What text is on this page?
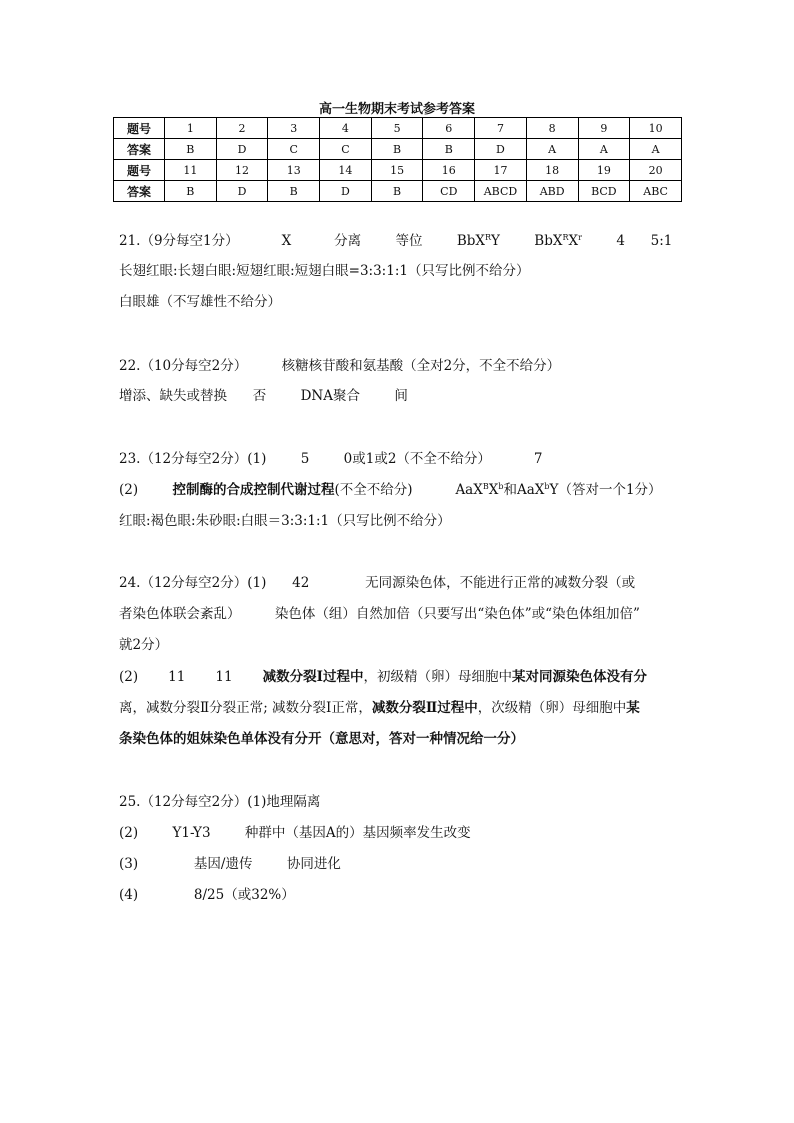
高一生物期末考试参考答案
题号	1	2	3	4	5	6	7	8	9	10
答案	B	D	C	C	B	B	D	A	A	A
题号	11	12	13	14	15	16	17	18	19	20
答案	B	D	B	D	B	CD	ABCD	ABD	BCD	ABC
21.（9分每空1分）	X	分离	等位	BbX$^R$Y	$BbX^RX^r$	4 5:1
长翅红眼:长翅白眼:短翅红眼:短翅白眼=3:3:1:1（只写比例不给分）
白眼雄（不写雄性不给分）
22.（10分每空2分）	核糖核苷酸和氨基酸（全对2分，不全不给分）
增添、缺失或替换 否	DNA聚合	间
23.（12分每空2分）(1)	5	0或1或2（不全不给分）	7
(2)	控制酶的合成控制代谢过程(不全不给分)	$AaX^BX^b$和AaX$^b$Y（答对一个1分）
红眼:褐色眼:朱砂眼:白眼＝3:3:1:1（只写比例不给分）
24.（12分每空2分）(1) 42	无同源染色体，不能进行正常的减数分裂（或
者染色体联会紊乱）	染色体（组）自然加倍（只要写出“染色体”或“染色体组加倍”
就2分）
(2) 11 11 减数分裂Ⅰ过程中，初级精（卵）母细胞中某对同源染色体没有分
离，减数分裂Ⅱ分裂正常; 减数分裂Ⅰ正常，减数分裂Ⅱ过程中，次级精（卵）母细胞中某
条染色体的姐妹染色单体没有分开（意思对，答对一种情况给一分）
25.（12分每空2分）(1)地理隔离
(2)	Y1-Y3	种群中（基因A的）基因频率发生改变
(3)	基因/遗传	协同进化
(4)	8/25（或32%）
